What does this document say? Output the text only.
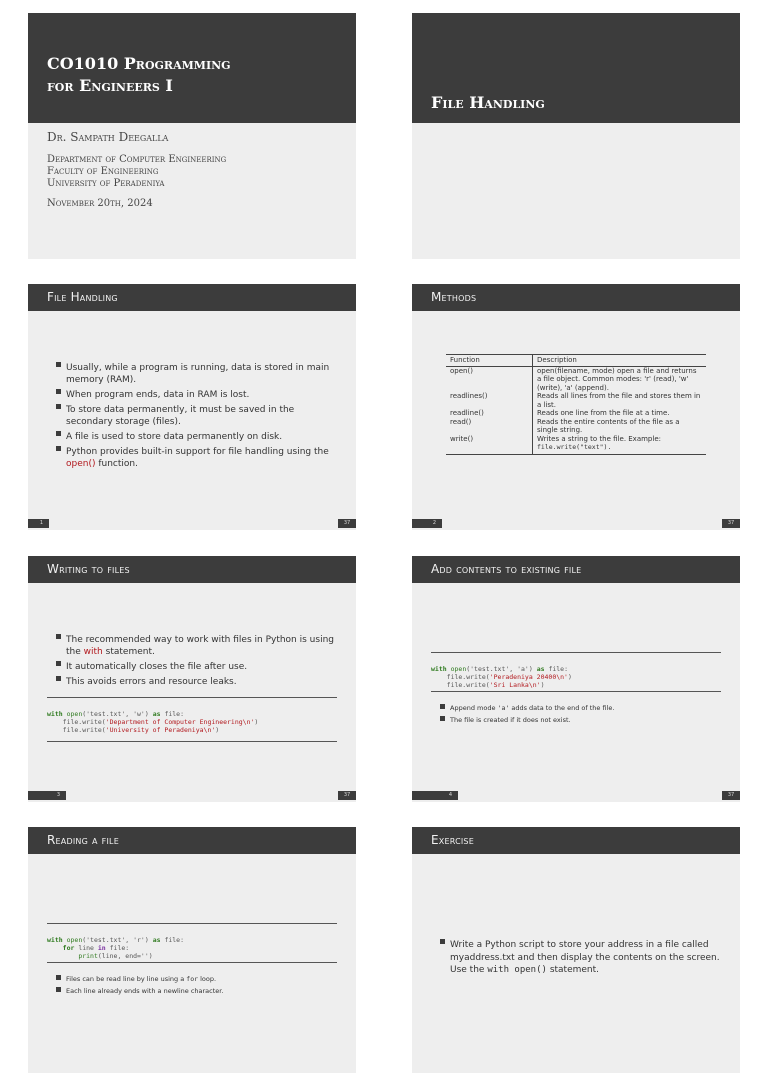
CO1010 Programming
for Engineers I
Dr. Sampath Deegalla
Department of Computer Engineering
Faculty of Engineering
University of Peradeniya
November 20th, 2024
File Handling
File Handling
Usually, while a program is running, data is stored in main memory (RAM).
When program ends, data in RAM is lost.
To store data permanently, it must be saved in the secondary storage (files).
A file is used to store data permanently on disk.
Python provides built-in support for file handling using the open() function.
1	37
Methods
Function	Description
open()	open(filename, mode) open a file and returns a file object. Common modes: 'r' (read), 'w' (write), 'a' (append).
readlines()	Reads all lines from the file and stores them in a list.
readline()	Reads one line from the file at a time.
read()	Reads the entire contents of the file as a single string.
write()	Writes a string to the file. Example:
file.write("text").
2	37
Writing to files
The recommended way to work with files in Python is using the with statement.
It automatically closes the file after use.
This avoids errors and resource leaks.

with open('test.txt', 'w') as file:
file.write('Department of Computer Engineering\n')
file.write('University of Peradeniya\n')
3	37
Add contents to existing file

with open('test.txt', 'a') as file:
file.write('Peradeniya 20400\n')
file.write('Sri Lanka\n')
Append mode 'a' adds data to the end of the file.
The file is created if it does not exist.
4	37
Reading a file

with open('test.txt', 'r') as file:
for line in file:
print(line, end='')
Files can be read line by line using a for loop.
Each line already ends with a newline character.
Exercise
Write a Python script to store your address in a file called myaddress.txt and then display the contents on the screen. Use the with open() statement.
